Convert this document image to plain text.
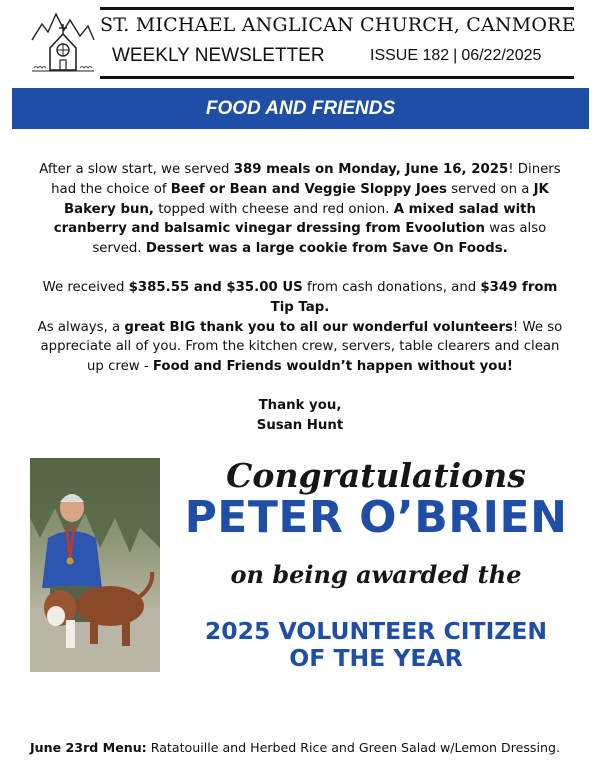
ST. MICHAEL ANGLICAN CHURCH, CANMORE
WEEKLY NEWSLETTER	ISSUE 182 | 06/22/2025
FOOD AND FRIENDS

After a slow start, we served 389 meals on Monday, June 16, 2025! Diners had the choice of Beef or Bean and Veggie Sloppy Joes served on a JK Bakery bun, topped with cheese and red onion. A mixed salad with cranberry and balsamic vinegar dressing from Evoolution was also served. Dessert was a large cookie from Save On Foods.

We received $385.55 and $35.00 US from cash donations, and $349 from Tip Tap.

As always, a great BIG thank you to all our wonderful volunteers! We so appreciate all of you. From the kitchen crew, servers, table clearers and clean up crew - Food and Friends wouldn’t happen without you!

Thank you,
Susan Hunt

Congratulations
PETER O’BRIEN
on being awarded the
2025 VOLUNTEER CITIZEN
OF THE YEAR
June 23rd Menu: Ratatouille and Herbed Rice and Green Salad w/Lemon Dressing.
